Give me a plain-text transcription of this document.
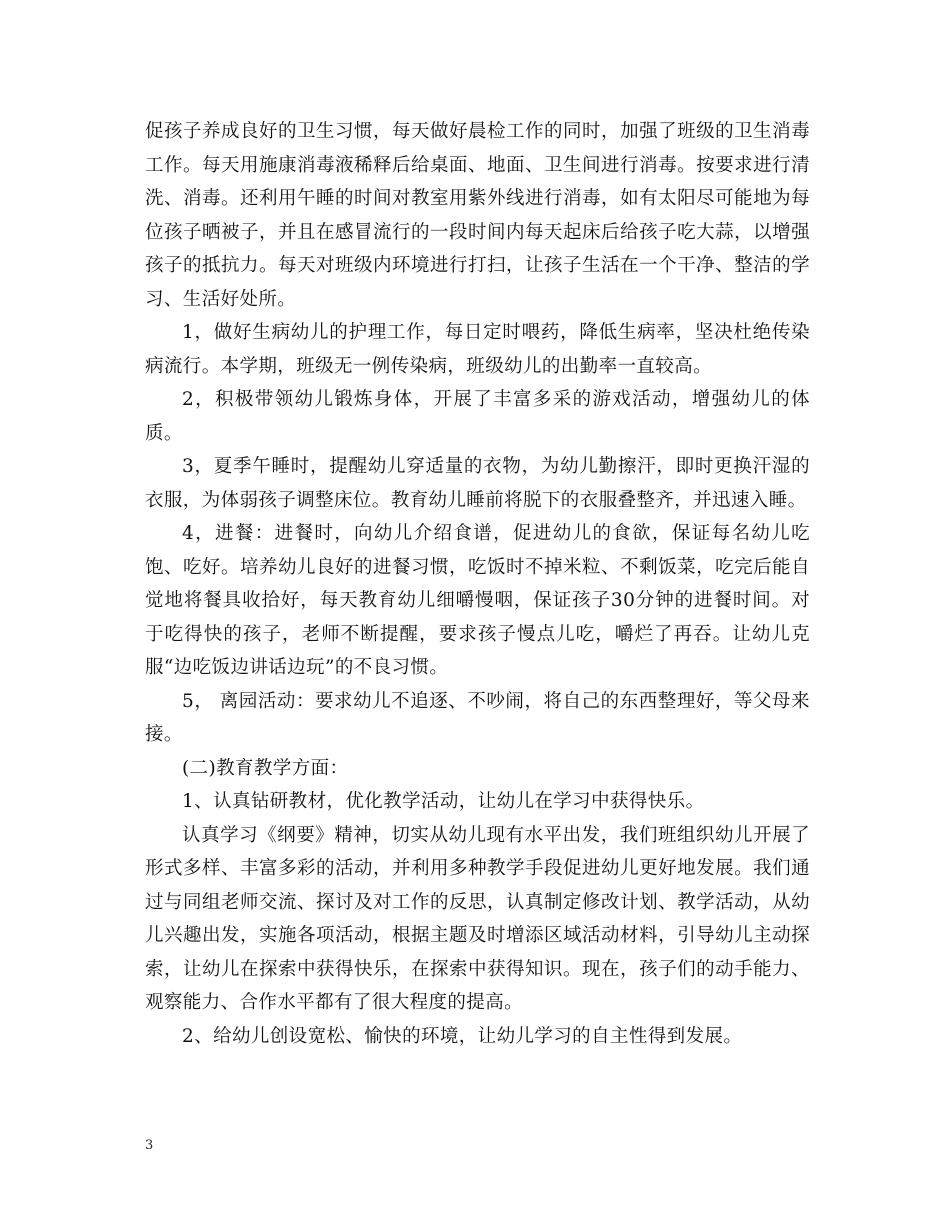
促孩子养成良好的卫生习惯，每天做好晨检工作的同时，加强了班级的卫生消毒工作。每天用施康消毒液稀释后给桌面、地面、卫生间进行消毒。按要求进行清洗、消毒。还利用午睡的时间对教室用紫外线进行消毒，如有太阳尽可能地为每位孩子晒被子，并且在感冒流行的一段时间内每天起床后给孩子吃大蒜，以增强孩子的抵抗力。每天对班级内环境进行打扫，让孩子生活在一个干净、整洁的学习、生活好处所。

1，做好生病幼儿的护理工作，每日定时喂药，降低生病率，坚决杜绝传染病流行。本学期，班级无一例传染病，班级幼儿的出勤率一直较高。

2，积极带领幼儿锻炼身体，开展了丰富多采的游戏活动，增强幼儿的体质。

3，夏季午睡时，提醒幼儿穿适量的衣物，为幼儿勤擦汗，即时更换汗湿的衣服，为体弱孩子调整床位。教育幼儿睡前将脱下的衣服叠整齐，并迅速入睡。

4，进餐：进餐时，向幼儿介绍食谱，促进幼儿的食欲，保证每名幼儿吃饱、吃好。培养幼儿良好的进餐习惯，吃饭时不掉米粒、不剩饭菜，吃完后能自觉地将餐具收拾好，每天教育幼儿细嚼慢咽，保证孩子30分钟的进餐时间。对于吃得快的孩子，老师不断提醒，要求孩子慢点儿吃，嚼烂了再吞。让幼儿克服“边吃饭边讲话边玩”的不良习惯。

5， 离园活动：要求幼儿不追逐、不吵闹，将自己的东西整理好，等父母来接。

(二)教育教学方面：

1、认真钻研教材，优化教学活动，让幼儿在学习中获得快乐。

认真学习《纲要》精神，切实从幼儿现有水平出发，我们班组织幼儿开展了形式多样、丰富多彩的活动，并利用多种教学手段促进幼儿更好地发展。我们通过与同组老师交流、探讨及对工作的反思，认真制定修改计划、教学活动，从幼儿兴趣出发，实施各项活动，根据主题及时增添区域活动材料，引导幼儿主动探索，让幼儿在探索中获得快乐，在探索中获得知识。现在，孩子们的动手能力、观察能力、合作水平都有了很大程度的提高。

2、给幼儿创设宽松、愉快的环境，让幼儿学习的自主性得到发展。

3
